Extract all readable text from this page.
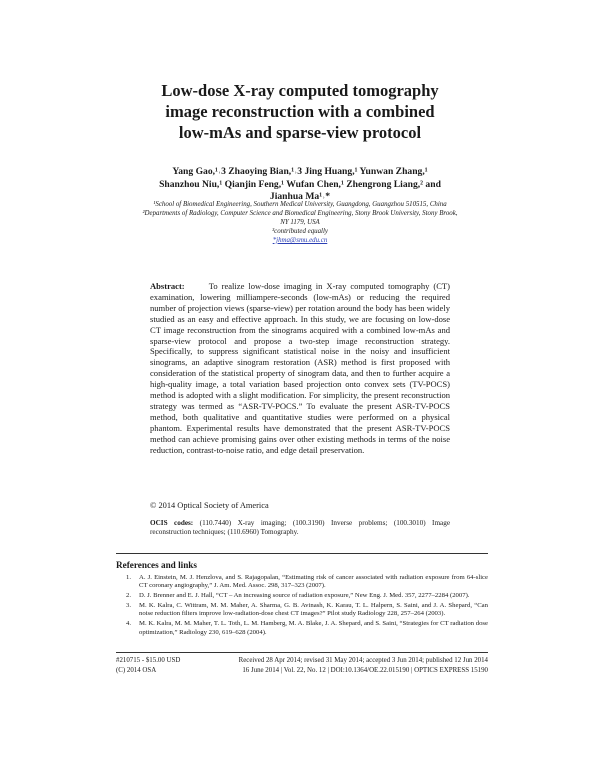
Low-dose X-ray computed tomography
image reconstruction with a combined
low-mAs and sparse-view protocol
Yang Gao,¹˒3 Zhaoying Bian,¹˒3 Jing Huang,¹ Yunwan Zhang,¹
Shanzhou Niu,¹ Qianjin Feng,¹ Wufan Chen,¹ Zhengrong Liang,² and
Jianhua Ma¹˒*
¹School of Biomedical Engineering, Southern Medical University, Guangdong, Guangzhou 510515, China
²Departments of Radiology, Computer Science and Biomedical Engineering, Stony Brook University, Stony Brook, NY 1179, USA
³contributed equally
*jhma@smu.edu.cn
Abstract:	To realize low-dose imaging in X-ray computed tomography (CT) examination, lowering milliampere-seconds (low-mAs) or reducing the required number of projection views (sparse-view) per rotation around the body has been widely studied as an easy and effective approach. In this study, we are focusing on low-dose CT image reconstruction from the sinograms acquired with a combined low-mAs and sparse-view protocol and propose a two-step image reconstruction strategy. Specifically, to suppress significant statistical noise in the noisy and insufficient sinograms, an adaptive sinogram restoration (ASR) method is first proposed with consideration of the statistical property of sinogram data, and then to further acquire a high-quality image, a total variation based projection onto convex sets (TV-POCS) method is adopted with a slight modification. For simplicity, the present reconstruction strategy was termed as “ASR-TV-POCS.” To evaluate the present ASR-TV-POCS method, both qualitative and quantitative studies were performed on a physical phantom. Experimental results have demonstrated that the present ASR-TV-POCS method can achieve promising gains over other existing methods in terms of the noise reduction, contrast-to-noise ratio, and edge detail preservation.
© 2014 Optical Society of America
OCIS codes: (110.7440) X-ray imaging; (100.3190) Inverse problems; (100.3010) Image reconstruction techniques; (110.6960) Tomography.
References and links
1. A. J. Einstein, M. J. Henzlova, and S. Rajagopalan, “Estimating risk of cancer associated with radiation exposure from 64-slice CT coronary angiography,” J. Am. Med. Assoc. 298, 317–323 (2007).
2. D. J. Brenner and E. J. Hall, “CT – An increasing source of radiation exposure,” New Eng. J. Med. 357, 2277–2284 (2007).
3. M. K. Kalra, C. Wittram, M. M. Maher, A. Sharma, G. B. Avinash, K. Karau, T. L. Halpern, S. Saini, and J. A. Shepard, “Can noise reduction filters improve low-radiation-dose chest CT images?” Pilot study Radiology 228, 257–264 (2003).
4. M. K. Kalra, M. M. Maher, T. L. Toth, L. M. Hamberg, M. A. Blake, J. A. Shepard, and S. Saini, “Strategies for CT radiation dose optimization,” Radiology 230, 619–628 (2004).
#210715 - $15.00 USD
(C) 2014 OSA
Received 28 Apr 2014; revised 31 May 2014; accepted 3 Jun 2014; published 12 Jun 2014
16 June 2014 | Vol. 22, No. 12 | DOI:10.1364/OE.22.015190 | OPTICS EXPRESS 15190
